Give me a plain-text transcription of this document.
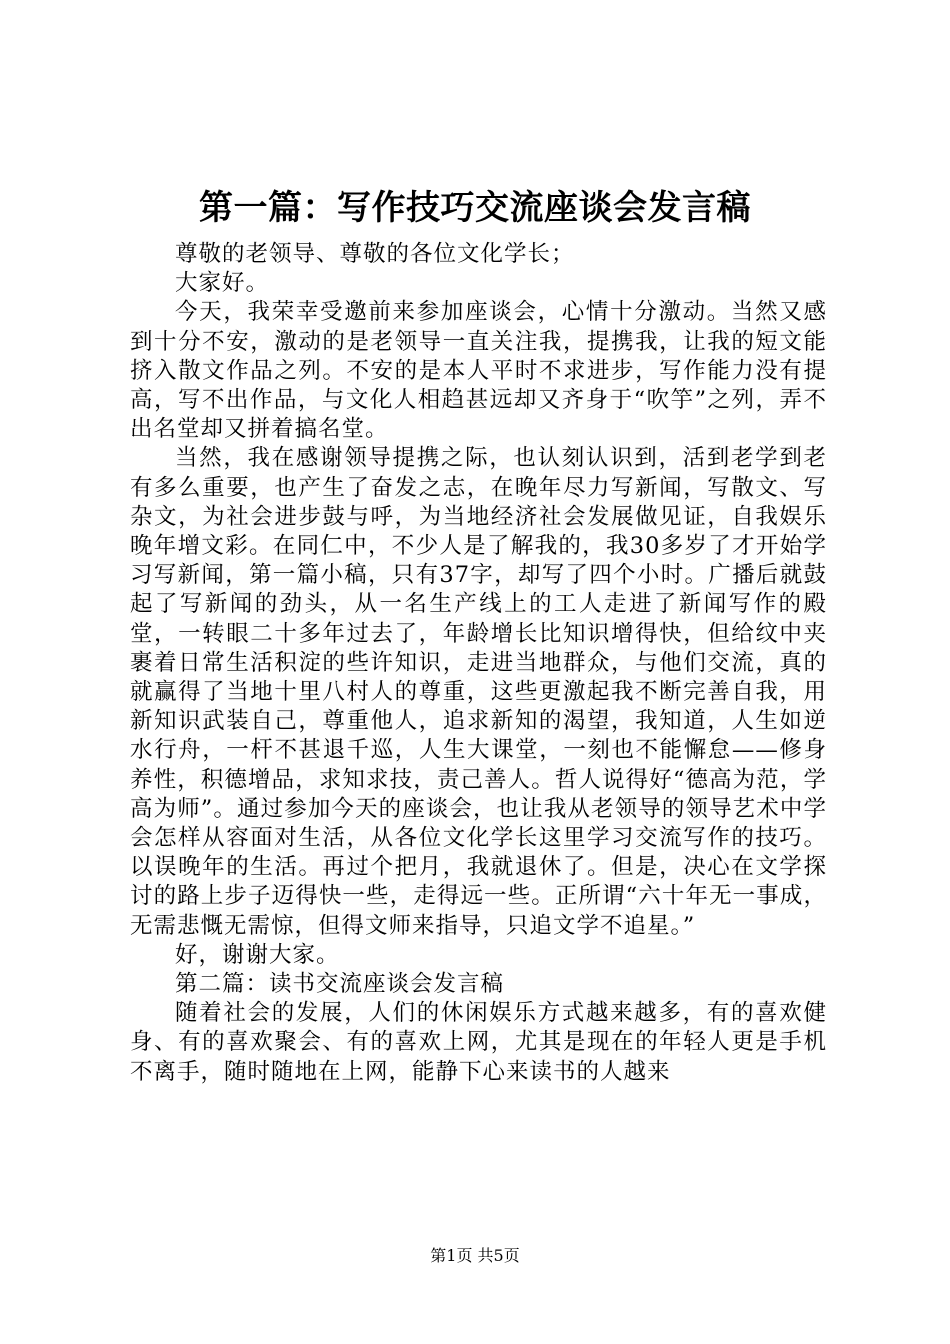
第一篇：写作技巧交流座谈会发言稿

尊敬的老领导、尊敬的各位文化学长；

大家好。

今天，我荣幸受邀前来参加座谈会，心情十分激动。当然又感到十分不安，激动的是老领导一直关注我，提携我，让我的短文能挤入散文作品之列。不安的是本人平时不求进步，写作能力没有提高，写不出作品，与文化人相趋甚远却又齐身于“吹竽”之列，弄不出名堂却又拼着搞名堂。

当然，我在感谢领导提携之际，也认刻认识到，活到老学到老有多么重要，也产生了奋发之志，在晚年尽力写新闻，写散文、写杂文，为社会进步鼓与呼，为当地经济社会发展做见证，自我娱乐晚年增文彩。在同仁中，不少人是了解我的，我30多岁了才开始学习写新闻，第一篇小稿，只有37字，却写了四个小时。广播后就鼓起了写新闻的劲头，从一名生产线上的工人走进了新闻写作的殿堂，一转眼二十多年过去了，年龄增长比知识增得快，但给纹中夹裹着日常生活积淀的些许知识，走进当地群众，与他们交流，真的就赢得了当地十里八村人的尊重，这些更激起我不断完善自我，用新知识武装自己，尊重他人，追求新知的渴望，我知道，人生如逆水行舟，一杆不甚退千巡，人生大课堂，一刻也不能懈怠——修身养性，积德增品，求知求技，责己善人。哲人说得好“德高为范，学高为师”。通过参加今天的座谈会，也让我从老领导的领导艺术中学会怎样从容面对生活，从各位文化学长这里学习交流写作的技巧。以误晚年的生活。再过个把月，我就退休了。但是，决心在文学探讨的路上步子迈得快一些，走得远一些。正所谓“六十年无一事成，无需悲慨无需惊，但得文师来指导，只追文学不追星。”

好，谢谢大家。

第二篇：读书交流座谈会发言稿

随着社会的发展，人们的休闲娱乐方式越来越多，有的喜欢健身、有的喜欢聚会、有的喜欢上网，尤其是现在的年轻人更是手机不离手，随时随地在上网，能静下心来读书的人越来

第1页 共5页
